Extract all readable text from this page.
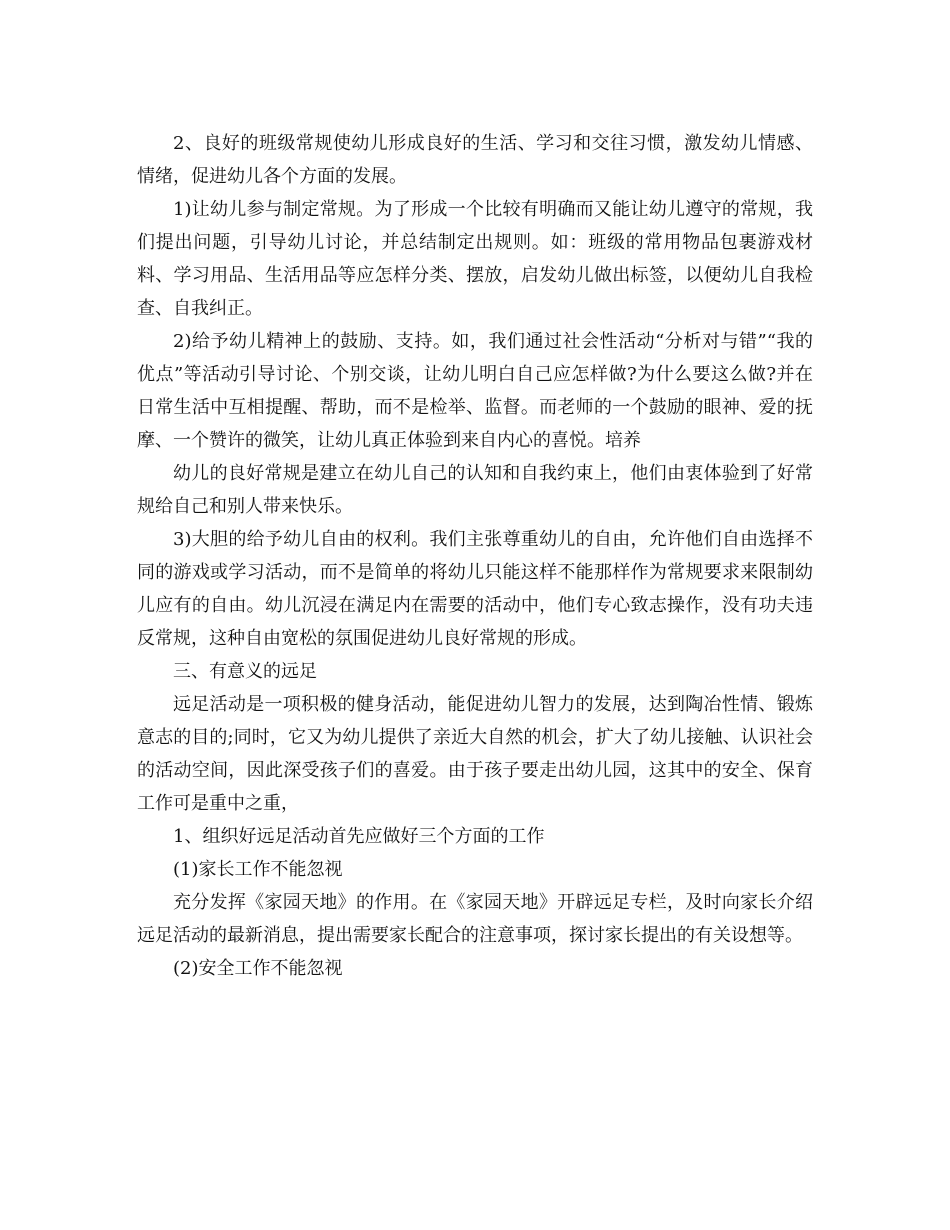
2、良好的班级常规使幼儿形成良好的生活、学习和交往习惯，激发幼儿情感、情绪，促进幼儿各个方面的发展。

1)让幼儿参与制定常规。为了形成一个比较有明确而又能让幼儿遵守的常规，我们提出问题，引导幼儿讨论，并总结制定出规则。如：班级的常用物品包裹游戏材料、学习用品、生活用品等应怎样分类、摆放，启发幼儿做出标签，以便幼儿自我检查、自我纠正。

2)给予幼儿精神上的鼓励、支持。如，我们通过社会性活动“分析对与错”“我的优点”等活动引导讨论、个别交谈，让幼儿明白自己应怎样做?为什么要这么做?并在日常生活中互相提醒、帮助，而不是检举、监督。而老师的一个鼓励的眼神、爱的抚摩、一个赞许的微笑，让幼儿真正体验到来自内心的喜悦。培养

幼儿的良好常规是建立在幼儿自己的认知和自我约束上，他们由衷体验到了好常规给自己和别人带来快乐。

3)大胆的给予幼儿自由的权利。我们主张尊重幼儿的自由，允许他们自由选择不同的游戏或学习活动，而不是简单的将幼儿只能这样不能那样作为常规要求来限制幼儿应有的自由。幼儿沉浸在满足内在需要的活动中，他们专心致志操作，没有功夫违反常规，这种自由宽松的氛围促进幼儿良好常规的形成。

三、有意义的远足

远足活动是一项积极的健身活动，能促进幼儿智力的发展，达到陶冶性情、锻炼意志的目的;同时，它又为幼儿提供了亲近大自然的机会，扩大了幼儿接触、认识社会的活动空间，因此深受孩子们的喜爱。由于孩子要走出幼儿园，这其中的安全、保育工作可是重中之重，

1、组织好远足活动首先应做好三个方面的工作

(1)家长工作不能忽视

充分发挥《家园天地》的作用。在《家园天地》开辟远足专栏，及时向家长介绍远足活动的最新消息，提出需要家长配合的注意事项，探讨家长提出的有关设想等。

(2)安全工作不能忽视
